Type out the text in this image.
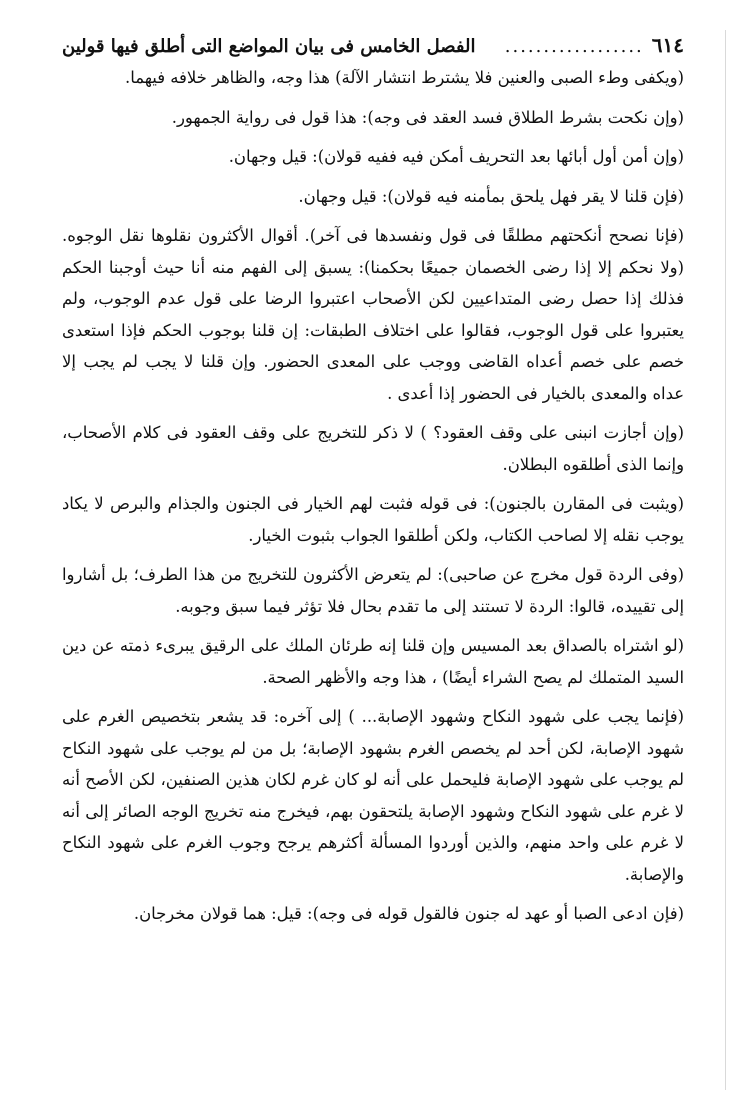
٦١٤
..................
الفصل الخامس فى بيان المواضع التى أطلق فيها قولين

(ويكفى وطء الصبى والعنين فلا يشترط انتشار الآلة) هذا وجه، والظاهر خلافه فيهما.

(وإن نكحت بشرط الطلاق فسد العقد فى وجه): هذا قول فى رواية الجمهور.

(وإن أمن أول أبائها بعد التحريف أمكن فيه ففيه قولان): قيل وجهان.

(فإن قلنا لا يقر فهل يلحق بمأمنه فيه قولان): قيل وجهان.

(فإنا نصحح أنكحتهم مطلقًا فى قول ونفسدها فى آخر). أقوال الأكثرون نقلوها نقل الوجوه. (ولا نحكم إلا إذا رضى الخصمان جميعًا بحكمنا): يسبق إلى الفهم منه أنا حيث أوجبنا الحكم فذلك إذا حصل رضى المتداعيين لكن الأصحاب اعتبروا الرضا على قول عدم الوجوب، ولم يعتبروا على قول الوجوب، فقالوا على اختلاف الطبقات: إن قلنا بوجوب الحكم فإذا استعدى خصم على خصم أعداه القاضى ووجب على المعدى الحضور. وإن قلنا لا يجب لم يجب إلا عداه والمعدى بالخيار فى الحضور إذا أعدى .

(وإن أجازت انبنى على وقف العقود؟ ) لا ذكر للتخريج على وقف العقود فى كلام الأصحاب، وإنما الذى أطلقوه البطلان.

(ويثبت فى المقارن بالجنون): فى قوله فثبت لهم الخيار فى الجنون والجذام والبرص لا يكاد يوجب نقله إلا لصاحب الكتاب، ولكن أطلقوا الجواب بثبوت الخيار.

(وفى الردة قول مخرج عن صاحبى): لم يتعرض الأكثرون للتخريج من هذا الطرف؛ بل أشاروا إلى تقييده، قالوا: الردة لا تستند إلى ما تقدم بحال فلا تؤثر فيما سبق وجوبه.

(لو اشتراه بالصداق بعد المسيس وإن قلنا إنه طرئان الملك على الرقيق يبرىء ذمته عن دين السيد المتملك لم يصح الشراء أيضًا) ، هذا وجه والأظهر الصحة.

(فإنما يجب على شهود النكاح وشهود الإصابة... ) إلى آخره: قد يشعر بتخصيص الغرم على شهود الإصابة، لكن أحد لم يخصص الغرم بشهود الإصابة؛ بل من لم يوجب على شهود النكاح لم يوجب على شهود الإصابة فليحمل على أنه لو كان غرم لكان هذين الصنفين، لكن الأصح أنه لا غرم على شهود النكاح وشهود الإصابة يلتحقون بهم، فيخرج منه تخريج الوجه الصائر إلى أنه لا غرم على واحد منهم، والذين أوردوا المسألة أكثرهم يرجح وجوب الغرم على شهود النكاح والإصابة.

(فإن ادعى الصبا أو عهد له جنون فالقول قوله فى وجه): قيل: هما قولان مخرجان.
